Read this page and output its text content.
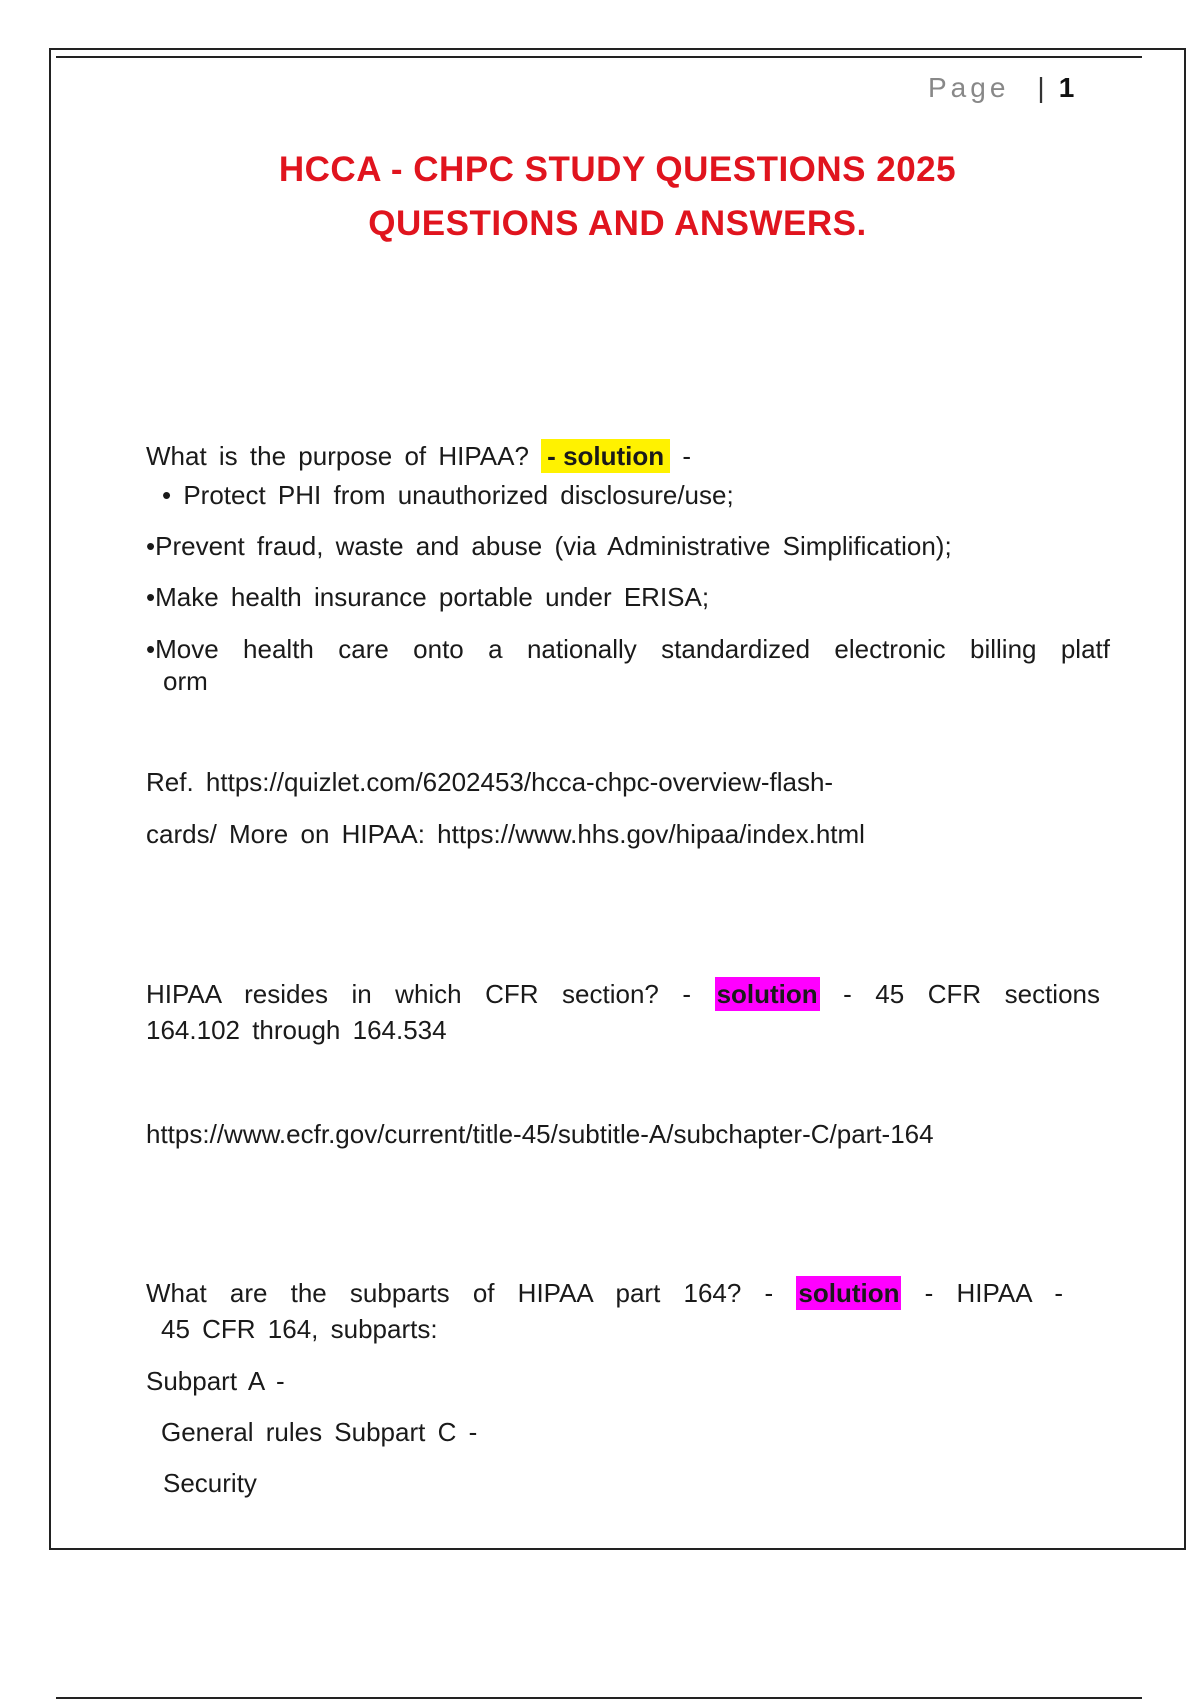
Page | 1
HCCA - CHPC STUDY QUESTIONS 2025
QUESTIONS AND ANSWERS.
What is the purpose of HIPAA? - solution -
• Protect PHI from unauthorized disclosure/use;
•Prevent fraud, waste and abuse (via Administrative Simplification);
•Make health insurance portable under ERISA;
•Move health care onto a nationally standardized electronic billing platf
orm
Ref. https://quizlet.com/6202453/hcca-chpc-overview-flash-
cards/ More on HIPAA: https://www.hhs.gov/hipaa/index.html
HIPAA resides in which CFR section? - solution - 45 CFR sections
164.102 through 164.534
https://www.ecfr.gov/current/title-45/subtitle-A/subchapter-C/part-164
What are the subparts of HIPAA part 164? - solution - HIPAA -
45 CFR 164, subparts:
Subpart A -
General rules Subpart C -
Security
